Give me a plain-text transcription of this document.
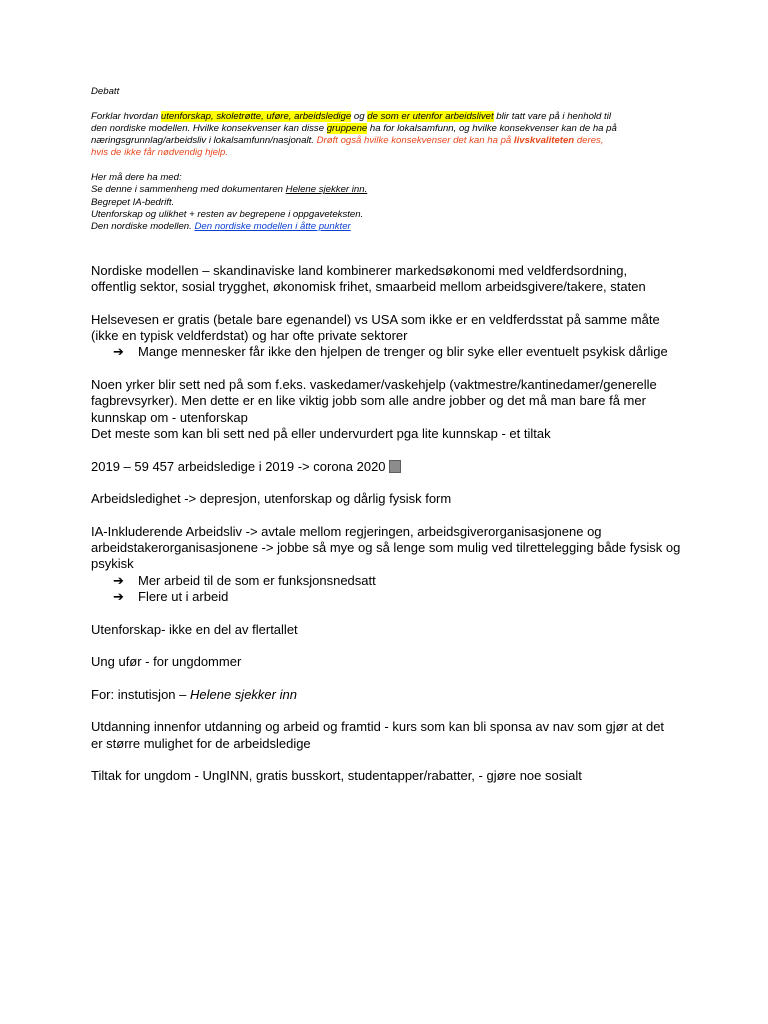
Debatt

Forklar hvordan utenforskap, skoletrøtte, uføre, arbeidsledige og de som er utenfor arbeidslivet blir tatt vare på i henhold til

den nordiske modellen. Hvilke konsekvenser kan disse gruppene ha for lokalsamfunn, og hvilke konsekvenser kan de ha på

næringsgrunnlag/arbeidsliv i lokalsamfunn/nasjonalt. Drøft også hvilke konsekvenser det kan ha på livskvaliteten deres,

hvis de ikke får nødvendig hjelp.

Her må dere ha med:

Se denne i sammenheng med dokumentaren Helene sjekker inn.

Begrepet IA-bedrift.

Utenforskap og ulikhet + resten av begrepene i oppgaveteksten.

Den nordiske modellen. Den nordiske modellen i åtte punkter

Nordiske modellen – skandinaviske land kombinerer markedsøkonomi med veldferdsordning,

offentlig sektor, sosial trygghet, økonomisk frihet, smaarbeid mellom arbeidsgivere/takere, staten

Helsevesen er gratis (betale bare egenandel) vs USA som ikke er en veldferdsstat på samme måte

(ikke en typisk veldferdstat) og har ofte private sektorer

➔	Mange mennesker får ikke den hjelpen de trenger og blir syke eller eventuelt psykisk dårlige

Noen yrker blir sett ned på som f.eks. vaskedamer/vaskehjelp (vaktmestre/kantinedamer/generelle

fagbrevsyrker). Men dette er en like viktig jobb som alle andre jobber og det må man bare få mer

kunnskap om - utenforskap

Det meste som kan bli sett ned på eller undervurdert pga lite kunnskap - et tiltak

2019 – 59 457 arbeidsledige i 2019 -> corona 2020

Arbeidsledighet -> depresjon, utenforskap og dårlig fysisk form

IA-Inkluderende Arbeidsliv -> avtale mellom regjeringen, arbeidsgiverorganisasjonene og

arbeidstakerorganisasjonene -> jobbe så mye og så lenge som mulig ved tilrettelegging både fysisk og

psykisk

➔	Mer arbeid til de som er funksjonsnedsatt
➔	Flere ut i arbeid

Utenforskap- ikke en del av flertallet

Ung ufør - for ungdommer

For: instutisjon – Helene sjekker inn

Utdanning innenfor utdanning og arbeid og framtid - kurs som kan bli sponsa av nav som gjør at det

er større mulighet for de arbeidsledige

Tiltak for ungdom - UngINN, gratis busskort, studentapper/rabatter, - gjøre noe sosialt
